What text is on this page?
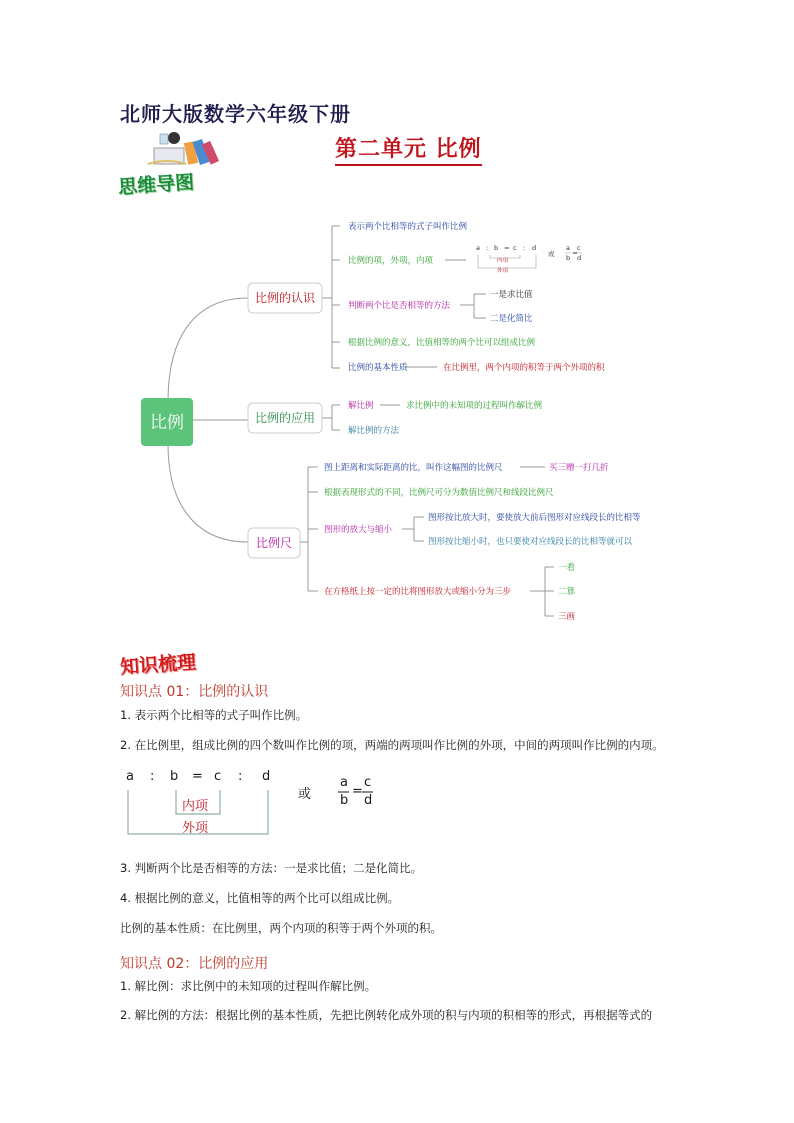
北师大版数学六年级下册
第二单元 比例
思维导图
比例
比例的认识
比例的应用
比例尺
表示两个比相等的式子叫作比例
比例的项，外项，内项
判断两个比是否相等的方法
一是求比值
二是化简比
根据比例的意义，比值相等的两个比可以组成比例
比例的基本性质	在比例里，两个内项的积等于两个外项的积
a : b = c : d
内项
外项
或
a
b
=
c
d
解比例	求比例中的未知项的过程叫作解比例
解比例的方法
图上距离和实际距离的比，叫作这幅图的比例尺	买三赠一打几折
根据表现形式的不同，比例尺可分为数值比例尺和线段比例尺
图形的放大与缩小
图形按比放大时，要使放大前后图形对应线段长的比相等
图形按比缩小时，也只要使对应线段长的比相等就可以
在方格纸上按一定的比将图形放大或缩小分为三步
一看
二算
三画
知识梳理
知识点 01：比例的认识
1. 表示两个比相等的式子叫作比例。
2. 在比例里，组成比例的四个数叫作比例的项，两端的两项叫作比例的外项，中间的两项叫作比例的内项。
a : b = c : d
或
a
b
=
c
d
内项
外项
3. 判断两个比是否相等的方法：一是求比值；二是化简比。
4. 根据比例的意义，比值相等的两个比可以组成比例。
比例的基本性质：在比例里，两个内项的积等于两个外项的积。
知识点 02：比例的应用
1. 解比例：求比例中的未知项的过程叫作解比例。
2. 解比例的方法：根据比例的基本性质，先把比例转化成外项的积与内项的积相等的形式，再根据等式的
